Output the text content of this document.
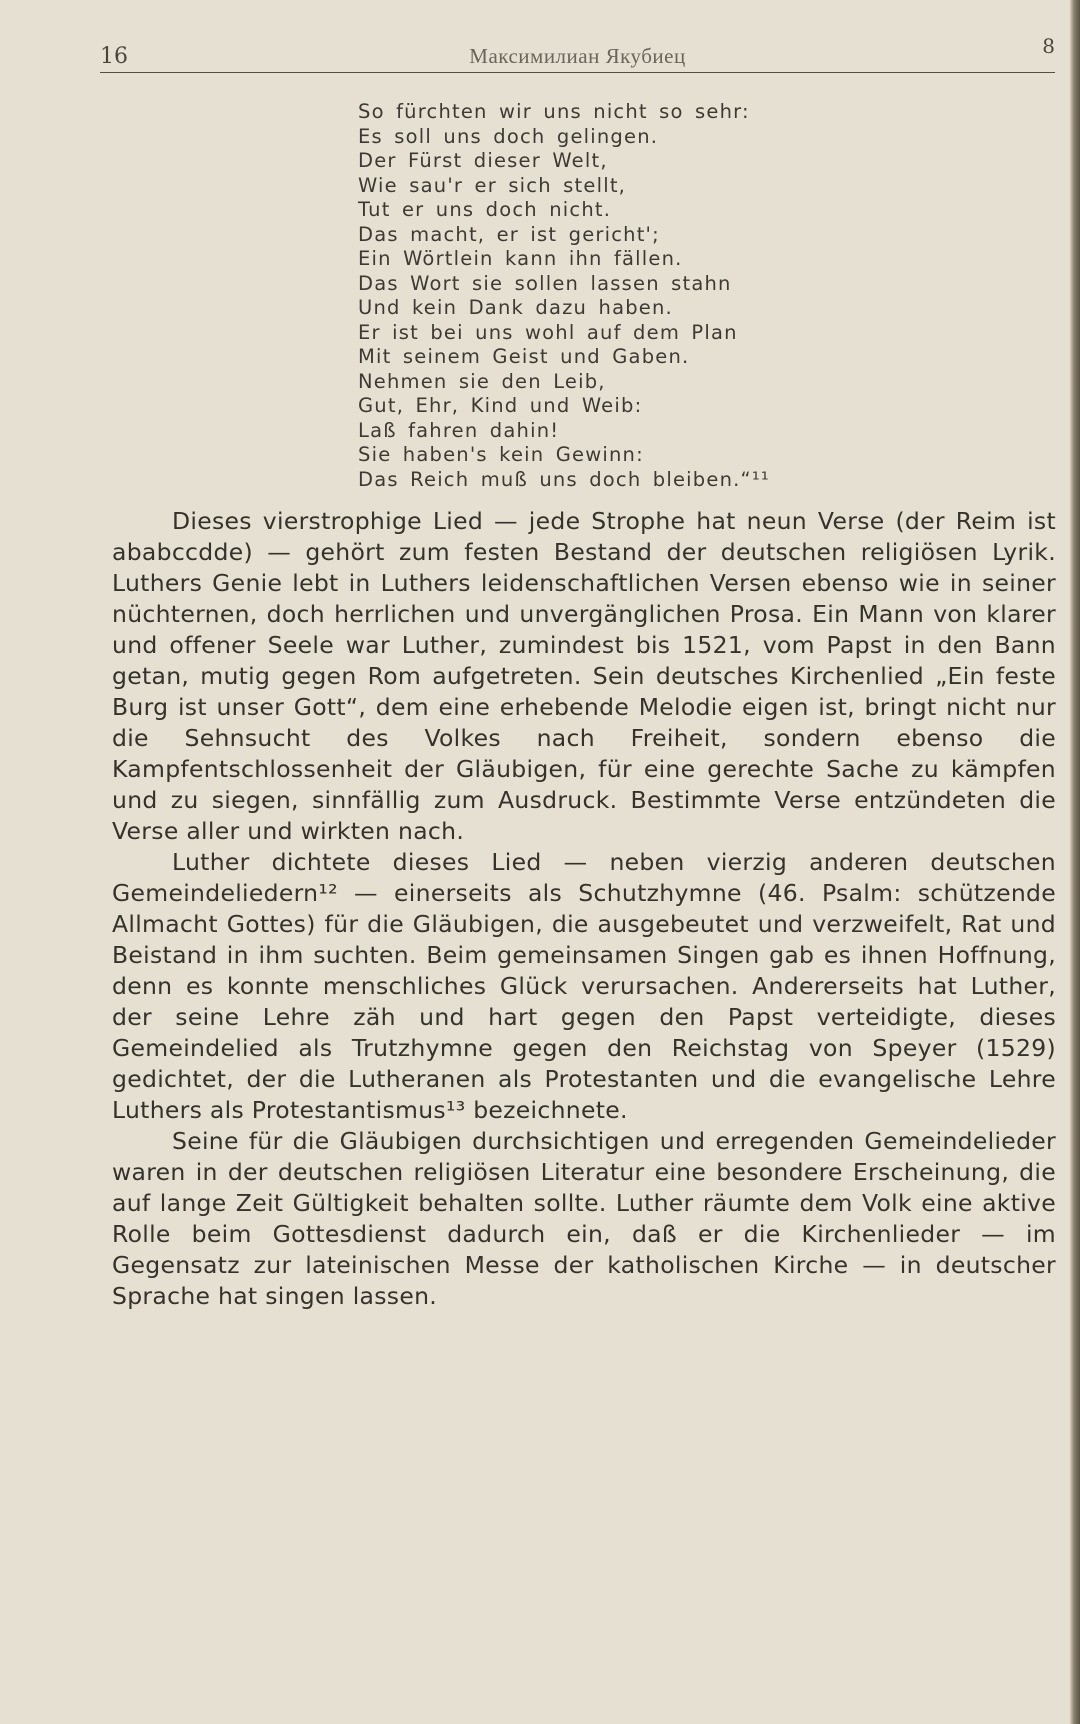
16	Максимилиан Якубиец	8
So fürchten wir uns nicht so sehr:
Es soll uns doch gelingen.
Der Fürst dieser Welt,
Wie sau'r er sich stellt,
Tut er uns doch nicht.
Das macht, er ist gericht';
Ein Wörtlein kann ihn fällen.
Das Wort sie sollen lassen stahn
Und kein Dank dazu haben.
Er ist bei uns wohl auf dem Plan
Mit seinem Geist und Gaben.
Nehmen sie den Leib,
Gut, Ehr, Kind und Weib:
Laß fahren dahin!
Sie haben's kein Gewinn:
Das Reich muß uns doch bleiben.“¹¹

Dieses vierstrophige Lied — jede Strophe hat neun Verse (der Reim ist ababccdde) — gehört zum festen Bestand der deutschen religiösen Lyrik. Luthers Genie lebt in Luthers leidenschaftlichen Versen ebenso wie in seiner nüchternen, doch herrlichen und unvergänglichen Prosa. Ein Mann von klarer und offener Seele war Luther, zumindest bis 1521, vom Papst in den Bann getan, mutig gegen Rom aufgetreten. Sein deutsches Kirchenlied „Ein feste Burg ist unser Gott“, dem eine erhebende Melodie eigen ist, bringt nicht nur die Sehnsucht des Volkes nach Freiheit, sondern ebenso die Kampfentschlossenheit der Gläubigen, für eine gerechte Sache zu kämpfen und zu siegen, sinnfällig zum Ausdruck. Bestimmte Verse entzündeten die Verse aller und wirkten nach.

Luther dichtete dieses Lied — neben vierzig anderen deutschen Gemeindeliedern¹² — einerseits als Schutzhymne (46. Psalm: schützende Allmacht Gottes) für die Gläubigen, die ausgebeutet und verzweifelt, Rat und Beistand in ihm suchten. Beim gemeinsamen Singen gab es ihnen Hoffnung, denn es konnte menschliches Glück verursachen. Andererseits hat Luther, der seine Lehre zäh und hart gegen den Papst verteidigte, dieses Gemeindelied als Trutzhymne gegen den Reichstag von Speyer (1529) gedichtet, der die Lutheranen als Protestanten und die evangelische Lehre Luthers als Protestantismus¹³ bezeichnete.

Seine für die Gläubigen durchsichtigen und erregenden Gemeindelieder waren in der deutschen religiösen Literatur eine besondere Erscheinung, die auf lange Zeit Gültigkeit behalten sollte. Luther räumte dem Volk eine aktive Rolle beim Gottesdienst dadurch ein, daß er die Kirchenlieder — im Gegensatz zur lateinischen Messe der katholischen Kirche — in deutscher Sprache hat singen lassen.
